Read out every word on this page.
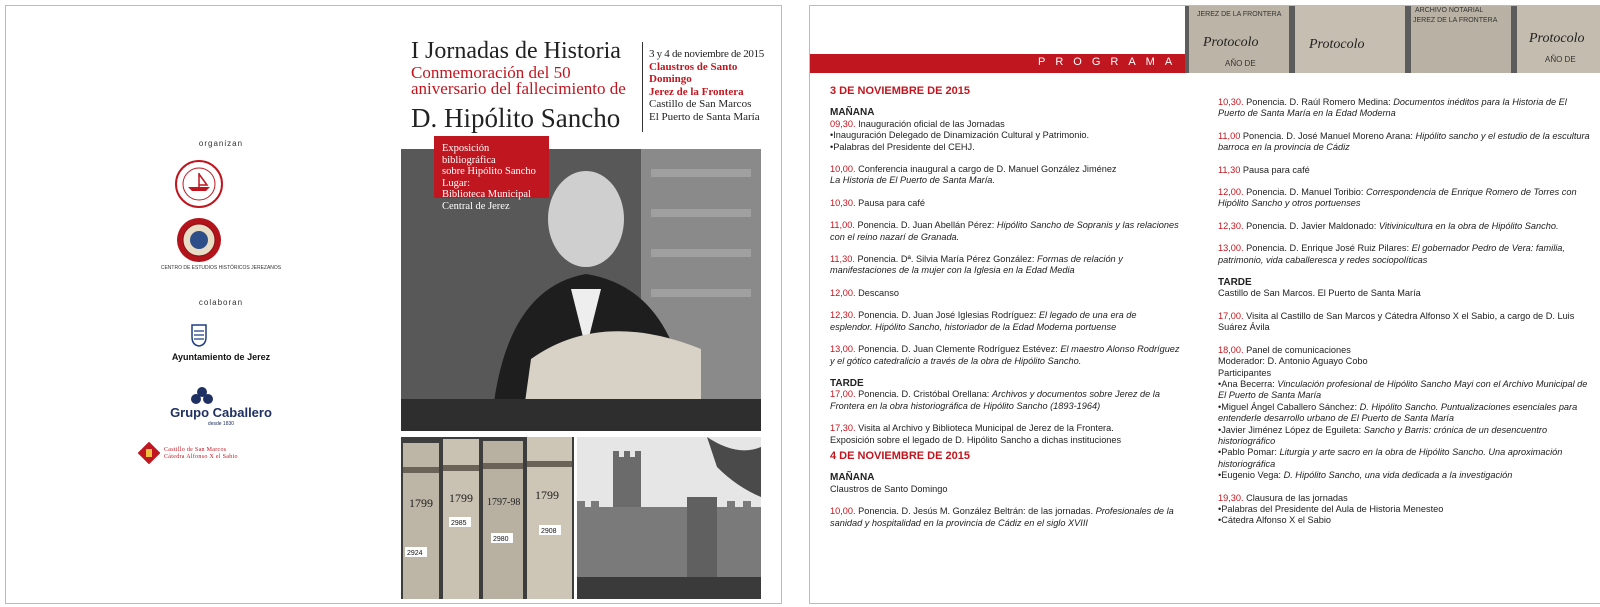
organizan
CENTRO DE ESTUDIOS HISTÓRICOS JEREZANOS
colaboran
Ayuntamiento de Jerez
Grupo Caballero
desde 1830
Castillo de San Marcos
Cátedra Alfonso X el Sabio
I Jornadas de Historia
Conmemoración del 50 aniversario del fallecimiento de
D. Hipólito Sancho
3 y 4 de noviembre de 2015
Claustros de Santo
Domingo
Jerez de la Frontera
Castillo de San Marcos
El Puerto de Santa María
Exposición bibliográfica
sobre Hipólito Sancho
Lugar:
Biblioteca Municipal
Central de Jerez
1799 1799 1797-98
1799
2985
2980
2908
2924
PROGRAMA
JEREZ DE LA FRONTERA
ARCHIVO NOTARIAL
JEREZ DE LA FRONTERA
Protocolo	Protocolo	Protocolo
AÑO DE	AÑO DE
3 DE NOVIEMBRE DE 2015
MAÑANA
09,30. Inauguración oficial de las Jornadas
•Inauguración Delegado de Dinamización Cultural y Patrimonio.
•Palabras del Presidente del CEHJ.
10,00. Conferencia inaugural a cargo de D. Manuel González Jiménez
La Historia de El Puerto de Santa María.
10,30. Pausa para café
11,00. Ponencia. D. Juan Abellán Pérez: Hipólito Sancho de Sopranis y las relaciones con el reino nazarí de Granada.
11,30. Ponencia. Dª. Silvia María Pérez González: Formas de relación y manifestaciones de la mujer con la Iglesia en la Edad Media
12,00. Descanso
12,30. Ponencia. D. Juan José Iglesias Rodríguez: El legado de una era de esplendor. Hipólito Sancho, historiador de la Edad Moderna portuense
13,00. Ponencia. D. Juan Clemente Rodríguez Estévez: El maestro Alonso Rodríguez y el gótico catedralicio a través de la obra de Hipólito Sancho.
TARDE
17,00. Ponencia. D. Cristóbal Orellana: Archivos y documentos sobre Jerez de la Frontera en la obra historiográfica de Hipólito Sancho (1893-1964)
17,30. Visita al Archivo y Biblioteca Municipal de Jerez de la Frontera.
Exposición sobre el legado de D. Hipólito Sancho a dichas instituciones
4 DE NOVIEMBRE DE 2015
MAÑANA
Claustros de Santo Domingo
10,00. Ponencia. D. Jesús M. González Beltrán: de las jornadas. Profesionales de la sanidad y hospitalidad en la provincia de Cádiz en el siglo XVIII
10,30. Ponencia. D. Raúl Romero Medina: Documentos inéditos para la Historia de El Puerto de Santa María en la Edad Moderna
11,00 Ponencia. D. José Manuel Moreno Arana: Hipólito sancho y el estudio de la escultura barroca en la provincia de Cádiz
11,30 Pausa para café
12,00. Ponencia. D. Manuel Toribio: Correspondencia de Enrique Romero de Torres con Hipólito Sancho y otros portuenses
12,30. Ponencia. D. Javier Maldonado: Vitivinicultura en la obra de Hipólito Sancho.
13,00. Ponencia. D. Enrique José Ruiz Pilares: El gobernador Pedro de Vera: familia, patrimonio, vida caballeresca y redes sociopolíticas
TARDE
Castillo de San Marcos. El Puerto de Santa María
17,00. Visita al Castillo de San Marcos y Cátedra Alfonso X el Sabio, a cargo de D. Luis Suárez Ávila
18,00. Panel de comunicaciones
Moderador: D. Antonio Aguayo Cobo
Participantes
•Ana Becerra: Vinculación profesional de Hipólito Sancho Mayi con el Archivo Municipal de El Puerto de Santa María
•Miguel Ángel Caballero Sánchez: D. Hipólito Sancho. Puntualizaciones esenciales para entenderle desarrollo urbano de El Puerto de Santa María
•Javier Jiménez López de Eguileta: Sancho y Barris: crónica de un desencuentro historiográfico
•Pablo Pomar: Liturgia y arte sacro en la obra de Hipólito Sancho. Una aproximación historiográfica
•Eugenio Vega: D. Hipólito Sancho, una vida dedicada a la investigación
19,30. Clausura de las jornadas
•Palabras del Presidente del Aula de Historia Menesteo
•Cátedra Alfonso X el Sabio
